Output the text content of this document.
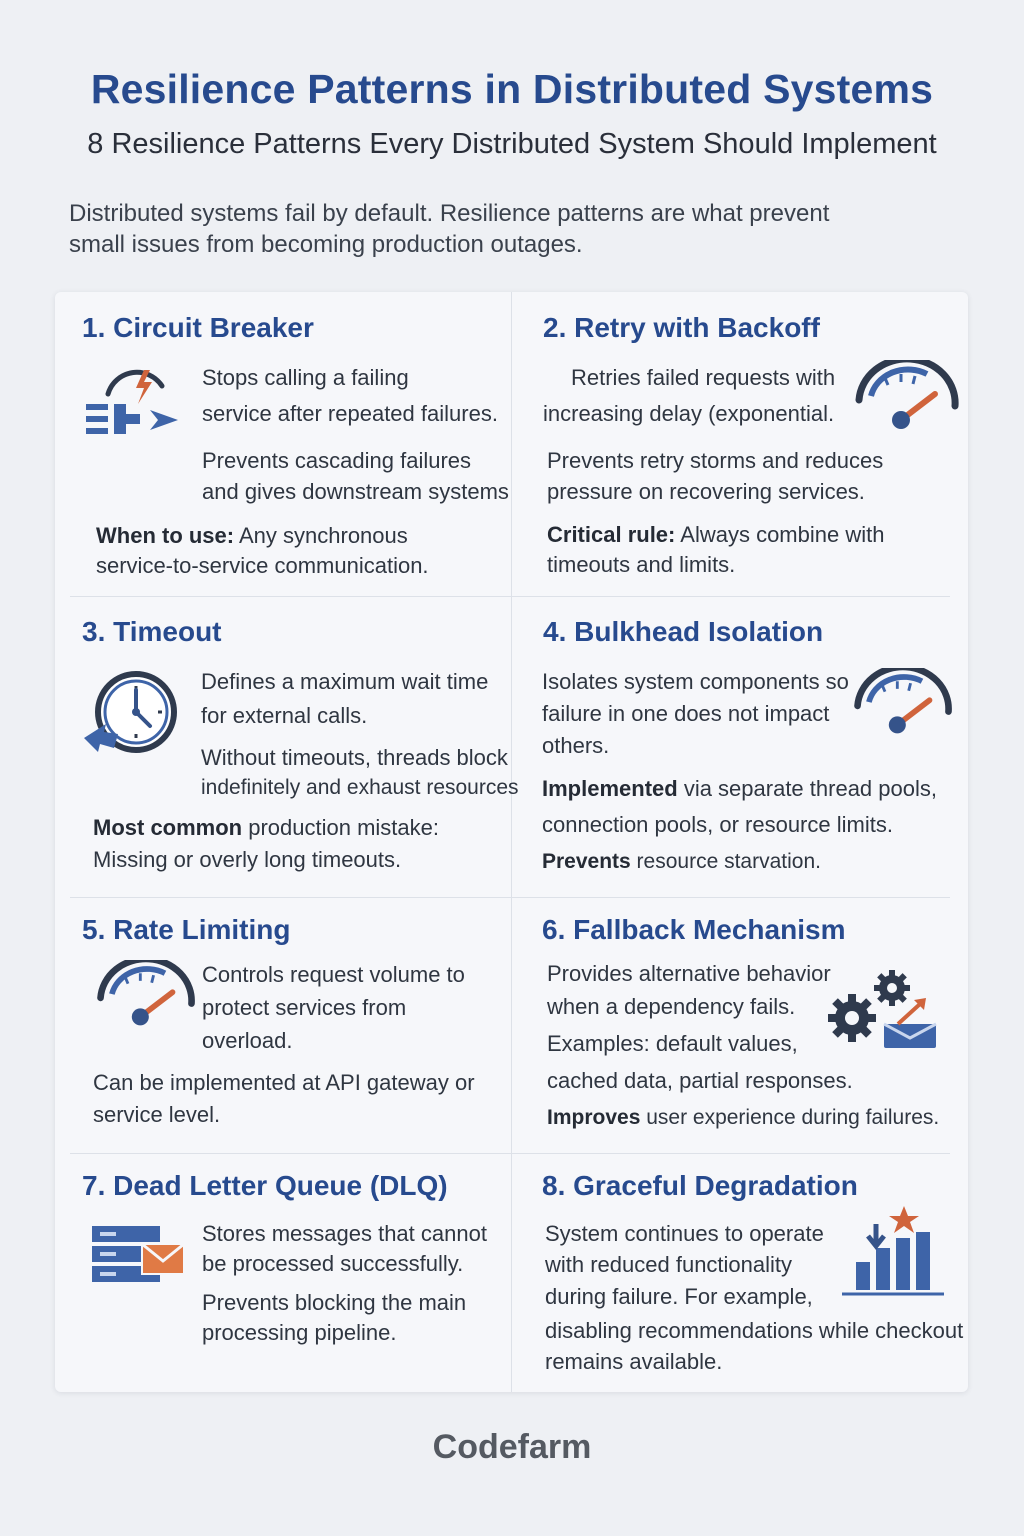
Resilience Patterns in Distributed Systems
8 Resilience Patterns Every Distributed System Should Implement
Distributed systems fail by default. Resilience patterns are what prevent
small issues from becoming production outages.
1. Circuit Breaker
Stops calling a failing
service after repeated failures.
Prevents cascading failures
and gives downstream systems
When to use: Any synchronous
service-to-service communication.
2. Retry with Backoff
Retries failed requests with
increasing delay (exponential.
Prevents retry storms and reduces
pressure on recovering services.
Critical rule: Always combine with
timeouts and limits.
3. Timeout
Defines a maximum wait time
for external calls.
Without timeouts, threads block
indefinitely and exhaust resources
Most common production mistake:
Missing or overly long timeouts.
4. Bulkhead Isolation
Isolates system components so
failure in one does not impact
others.
Implemented via separate thread pools,
connection pools, or resource limits.
Prevents resource starvation.
5. Rate Limiting
Controls request volume to
protect services from
overload.
Can be implemented at API gateway or
service level.
6. Fallback Mechanism
Provides alternative behavior
when a dependency fails.
Examples: default values,
cached data, partial responses.
Improves user experience during failures.
7. Dead Letter Queue (DLQ)
Stores messages that cannot
be processed successfully.
Prevents blocking the main
processing pipeline.
8. Graceful Degradation
System continues to operate
with reduced functionality
during failure. For example,
disabling recommendations while checkout
remains available.
Codefarm
